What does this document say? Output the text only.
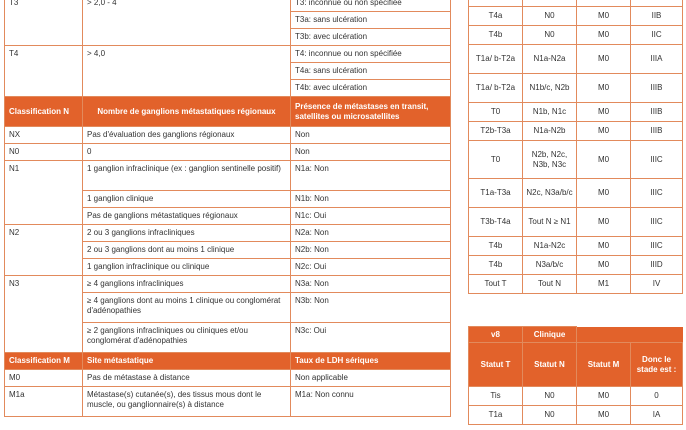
T3	> 2,0 - 4	T3: inconnue ou non spécifiée
		T3a: sans ulcération
		T3b: avec ulcération
T4	> 4,0	T4: inconnue ou non spécifiée
		T4a: sans ulcération
		T4b: avec ulcération
Classification N	Nombre de ganglions métastatiques régionaux	Présence de métastases en transit, satellites ou microsatellites
NX	Pas d'évaluation des ganglions régionaux	Non
N0	0	Non
N1	1 ganglion infraclinique (ex : ganglion sentinelle positif)	N1a: Non
	1 ganglion clinique	N1b: Non
	Pas de ganglions métastatiques régionaux	N1c: Oui
N2	2 ou 3 ganglions infracliniques	N2a: Non
	2 ou 3 ganglions dont au moins 1 clinique	N2b: Non
	1 ganglion infraclinique ou clinique	N2c: Oui
N3	≥ 4 ganglions infracliniques	N3a: Non
	≥ 4 ganglions dont au moins 1 clinique ou conglomérat d'adénopathies	N3b: Non
	≥ 2 ganglions infracliniques ou cliniques et/ou conglomérat d'adénopathies	N3c: Oui
Classification M	Site métastatique	Taux de LDH sériques
M0	Pas de métastase à distance	Non applicable
M1a	Métastase(s) cutanée(s), des tissus mous dont le muscle, ou ganglionnaire(s) à distance	M1a: Non connu

T4a	N0	M0	IIB
T4b	N0	M0	IIC
T1a/ b-T2a	N1a-N2a	M0	IIIA
T1a/ b-T2a	N1b/c, N2b	M0	IIIB
T0	N1b, N1c	M0	IIIB
T2b-T3a	N1a-N2b	M0	IIIB
T0	N2b, N2c, N3b, N3c	M0	IIIC
T1a-T3a	N2c, N3a/b/c	M0	IIIC
T3b-T4a	Tout N ≥ N1	M0	IIIC
T4b	N1a-N2c	M0	IIIC
T4b	N3a/b/c	M0	IIID
Tout T	Tout N	M1	IV
v8	Clinique		
Statut T	Statut N	Statut M	Donc le stade est :
Tis	N0	M0	0
T1a	N0	M0	IA
